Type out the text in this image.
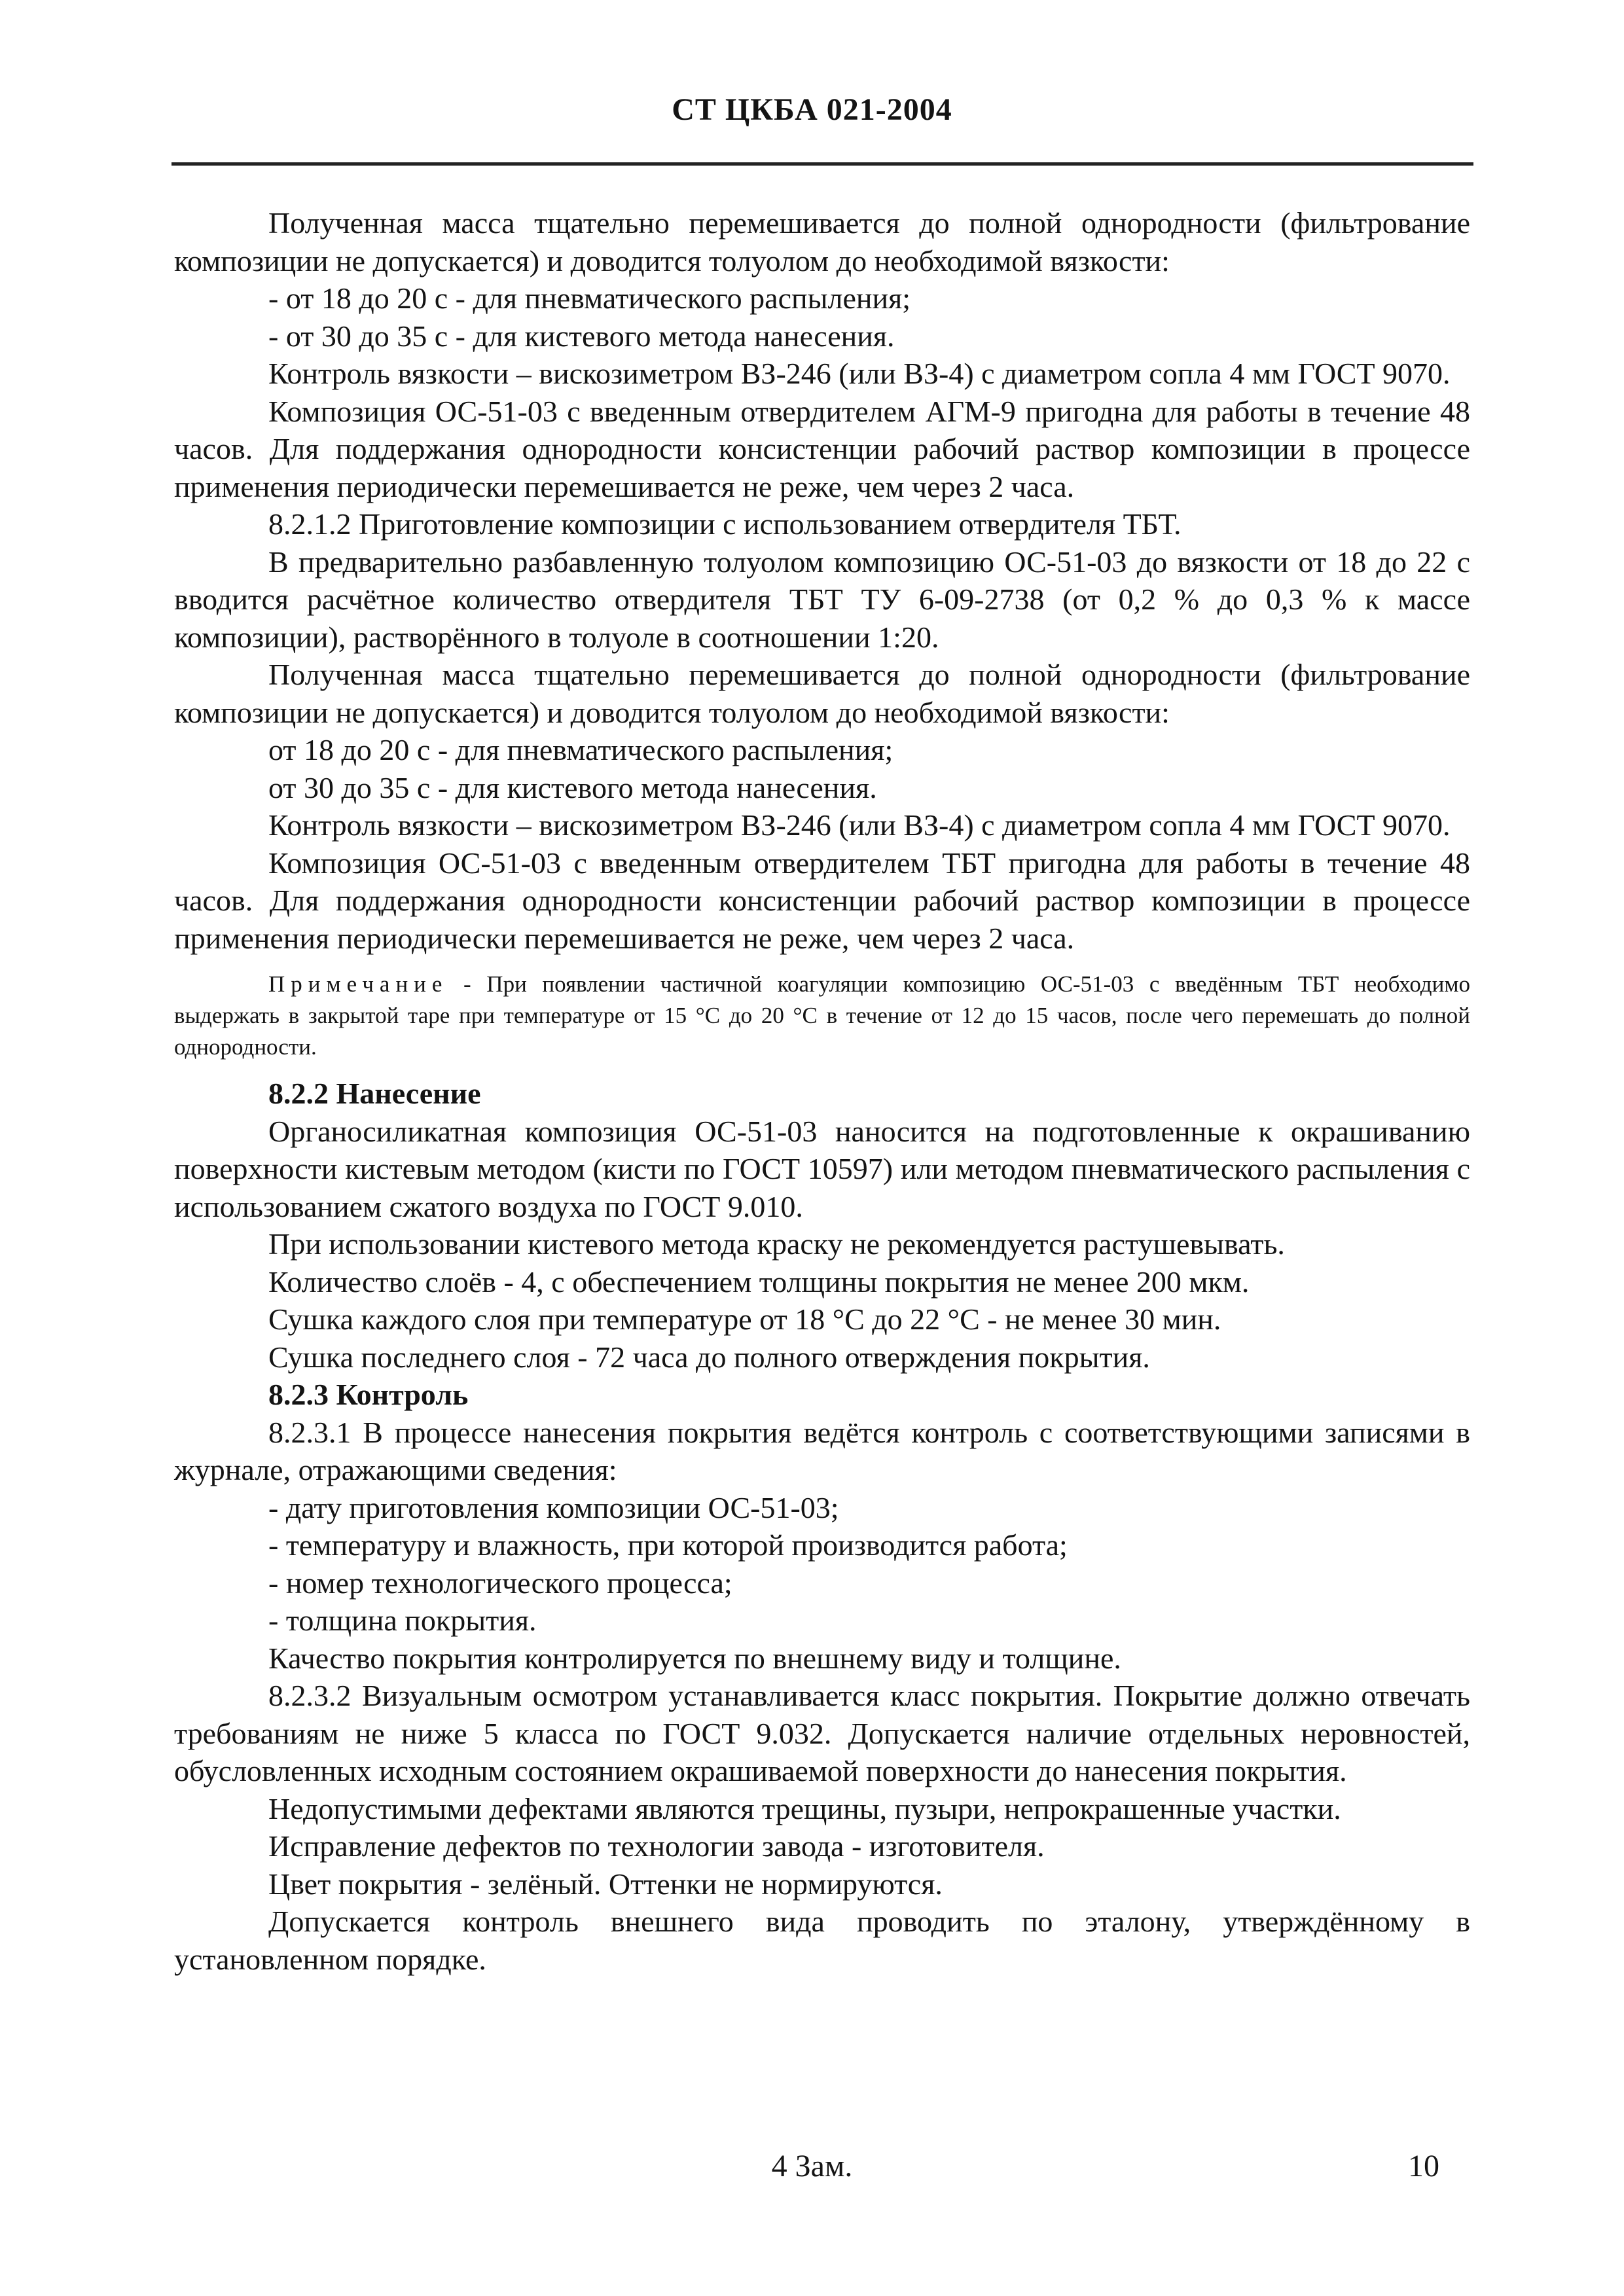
СТ ЦКБА 021-2004

Полученная масса тщательно перемешивается до полной однородности (фильтрование композиции не допускается) и доводится толуолом до необходимой вязкости:

- от 18 до 20 с - для пневматического распыления;

- от 30 до 35 с - для кистевого метода нанесения.

Контроль вязкости – вискозиметром ВЗ-246 (или ВЗ-4) с диаметром сопла 4 мм ГОСТ 9070.

Композиция ОС-51-03 с введенным отвердителем АГМ-9 пригодна для работы в течение 48 часов. Для поддержания однородности консистенции рабочий раствор композиции в процессе применения периодически перемешивается не реже, чем через 2 часа.

8.2.1.2 Приготовление композиции с использованием отвердителя ТБТ.

В предварительно разбавленную толуолом композицию ОС-51-03 до вязкости от 18 до 22 с вводится расчётное количество отвердителя ТБТ ТУ 6-09-2738 (от 0,2 % до 0,3 % к массе композиции), растворённого в толуоле в соотношении 1:20.

Полученная масса тщательно перемешивается до полной однородности (фильтрование композиции не допускается) и доводится толуолом до необходимой вязкости:

от 18 до 20 с - для пневматического распыления;

от 30 до 35 с - для кистевого метода нанесения.

Контроль вязкости – вискозиметром ВЗ-246 (или ВЗ-4) с диаметром сопла 4 мм ГОСТ 9070.

Композиция ОС-51-03 с введенным отвердителем ТБТ пригодна для работы в течение 48 часов. Для поддержания однородности консистенции рабочий раствор композиции в процессе применения периодически перемешивается не реже, чем через 2 часа.

Примечание - При появлении частичной коагуляции композицию ОС-51-03 с введённым ТБТ необходимо выдержать в закрытой таре при температуре от 15 °С до 20 °С в течение от 12 до 15 часов, после чего перемешать до полной однородности.

8.2.2 Нанесение

Органосиликатная композиция ОС-51-03 наносится на подготовленные к окрашиванию поверхности кистевым методом (кисти по ГОСТ 10597) или методом пневматического распыления с использованием сжатого воздуха по ГОСТ 9.010.

При использовании кистевого метода краску не рекомендуется растушевывать.

Количество слоёв - 4, с обеспечением толщины покрытия не менее 200 мкм.

Сушка каждого слоя при температуре от 18 °С до 22 °С - не менее 30 мин.

Сушка последнего слоя - 72 часа до полного отверждения покрытия.

8.2.3 Контроль

8.2.3.1 В процессе нанесения покрытия ведётся контроль с соответствующими записями в журнале, отражающими сведения:

- дату приготовления композиции ОС-51-03;

- температуру и влажность, при которой производится работа;

- номер технологического процесса;

- толщина покрытия.

Качество покрытия контролируется по внешнему виду и толщине.

8.2.3.2 Визуальным осмотром устанавливается класс покрытия. Покрытие должно отвечать требованиям не ниже 5 класса по ГОСТ 9.032. Допускается наличие отдельных неровностей, обусловленных исходным состоянием окрашиваемой поверхности до нанесения покрытия.

Недопустимыми дефектами являются трещины, пузыри, непрокрашенные участки.

Исправление дефектов по технологии завода - изготовителя.

Цвет покрытия - зелёный. Оттенки не нормируются.

Допускается контроль внешнего вида проводить по эталону, утверждённому в установленном порядке.

4 Зам.	10
